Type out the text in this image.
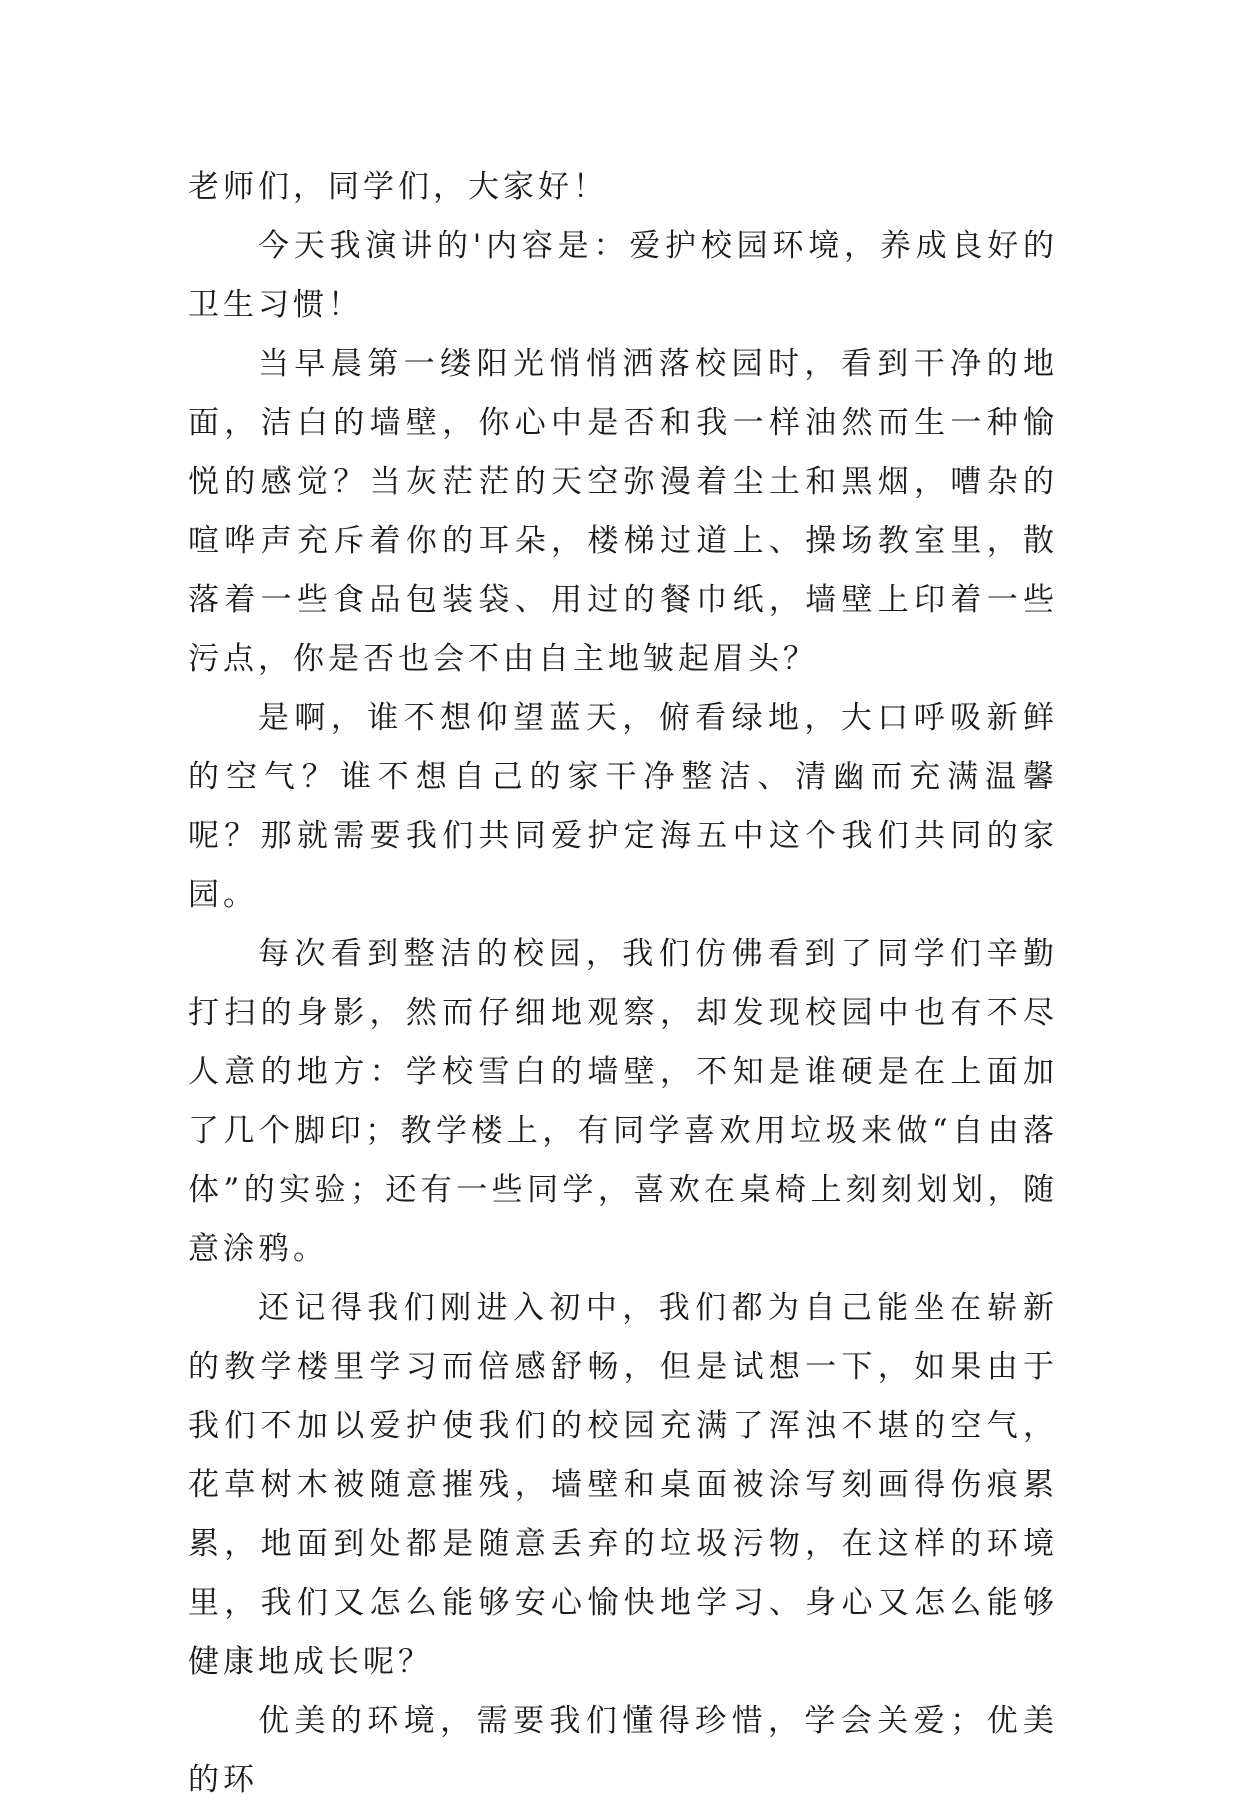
老师们，同学们，大家好！

今天我演讲的'内容是：爱护校园环境，养成良好的卫生习惯！

当早晨第一缕阳光悄悄洒落校园时，看到干净的地面，洁白的墙壁，你心中是否和我一样油然而生一种愉悦的感觉？当灰茫茫的天空弥漫着尘土和黑烟，嘈杂的喧哗声充斥着你的耳朵，楼梯过道上、操场教室里，散落着一些食品包装袋、用过的餐巾纸，墙壁上印着一些污点，你是否也会不由自主地皱起眉头？

是啊，谁不想仰望蓝天，俯看绿地，大口呼吸新鲜的空气？谁不想自己的家干净整洁、清幽而充满温馨呢？那就需要我们共同爱护定海五中这个我们共同的家园。

每次看到整洁的校园，我们仿佛看到了同学们辛勤打扫的身影，然而仔细地观察，却发现校园中也有不尽人意的地方：学校雪白的墙壁，不知是谁硬是在上面加了几个脚印；教学楼上，有同学喜欢用垃圾来做“自由落体”的实验；还有一些同学，喜欢在桌椅上刻刻划划，随意涂鸦。

还记得我们刚进入初中，我们都为自己能坐在崭新的教学楼里学习而倍感舒畅，但是试想一下，如果由于我们不加以爱护使我们的校园充满了浑浊不堪的空气，花草树木被随意摧残，墙壁和桌面被涂写刻画得伤痕累累，地面到处都是随意丢弃的垃圾污物，在这样的环境里，我们又怎么能够安心愉快地学习、身心又怎么能够健康地成长呢？

优美的环境，需要我们懂得珍惜，学会关爱；优美的环
